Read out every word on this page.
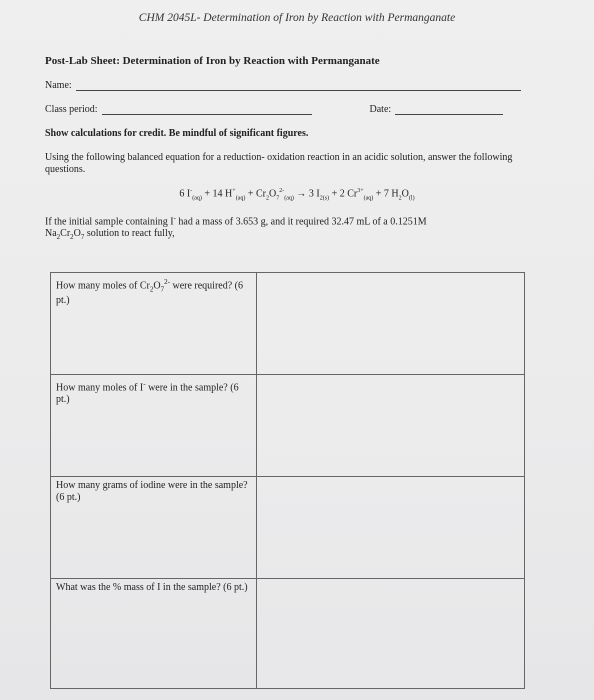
CHM 2045L- Determination of Iron by Reaction with Permanganate
Post-Lab Sheet: Determination of Iron by Reaction with Permanganate
Name:
Class period:	Date:
Show calculations for credit. Be mindful of significant figures.
Using the following balanced equation for a reduction- oxidation reaction in an acidic solution, answer the following questions.
6 $I^-_{(aq)} + 14$ $H^+_{(aq)} + Cr_2O_7^{2-}_{(aq)} \to 3$ $I_{2(s)} + 2$ $Cr^{3+}_{(aq)} + 7$ $H_2O_{(l)}$
If the initial sample containing I- had a mass of 3.653 g, and it required 32.47 mL of a 0.1251M
$Na_2Cr_2O_7$ solution to react fully,
How many moles of $Cr_2O_7^{2-}$ were required? (6 pt.)	
How many moles of I- were in the sample? (6 pt.)	
How many grams of iodine were in the sample? (6 pt.)	
What was the % mass of I in the sample? (6 pt.)	
